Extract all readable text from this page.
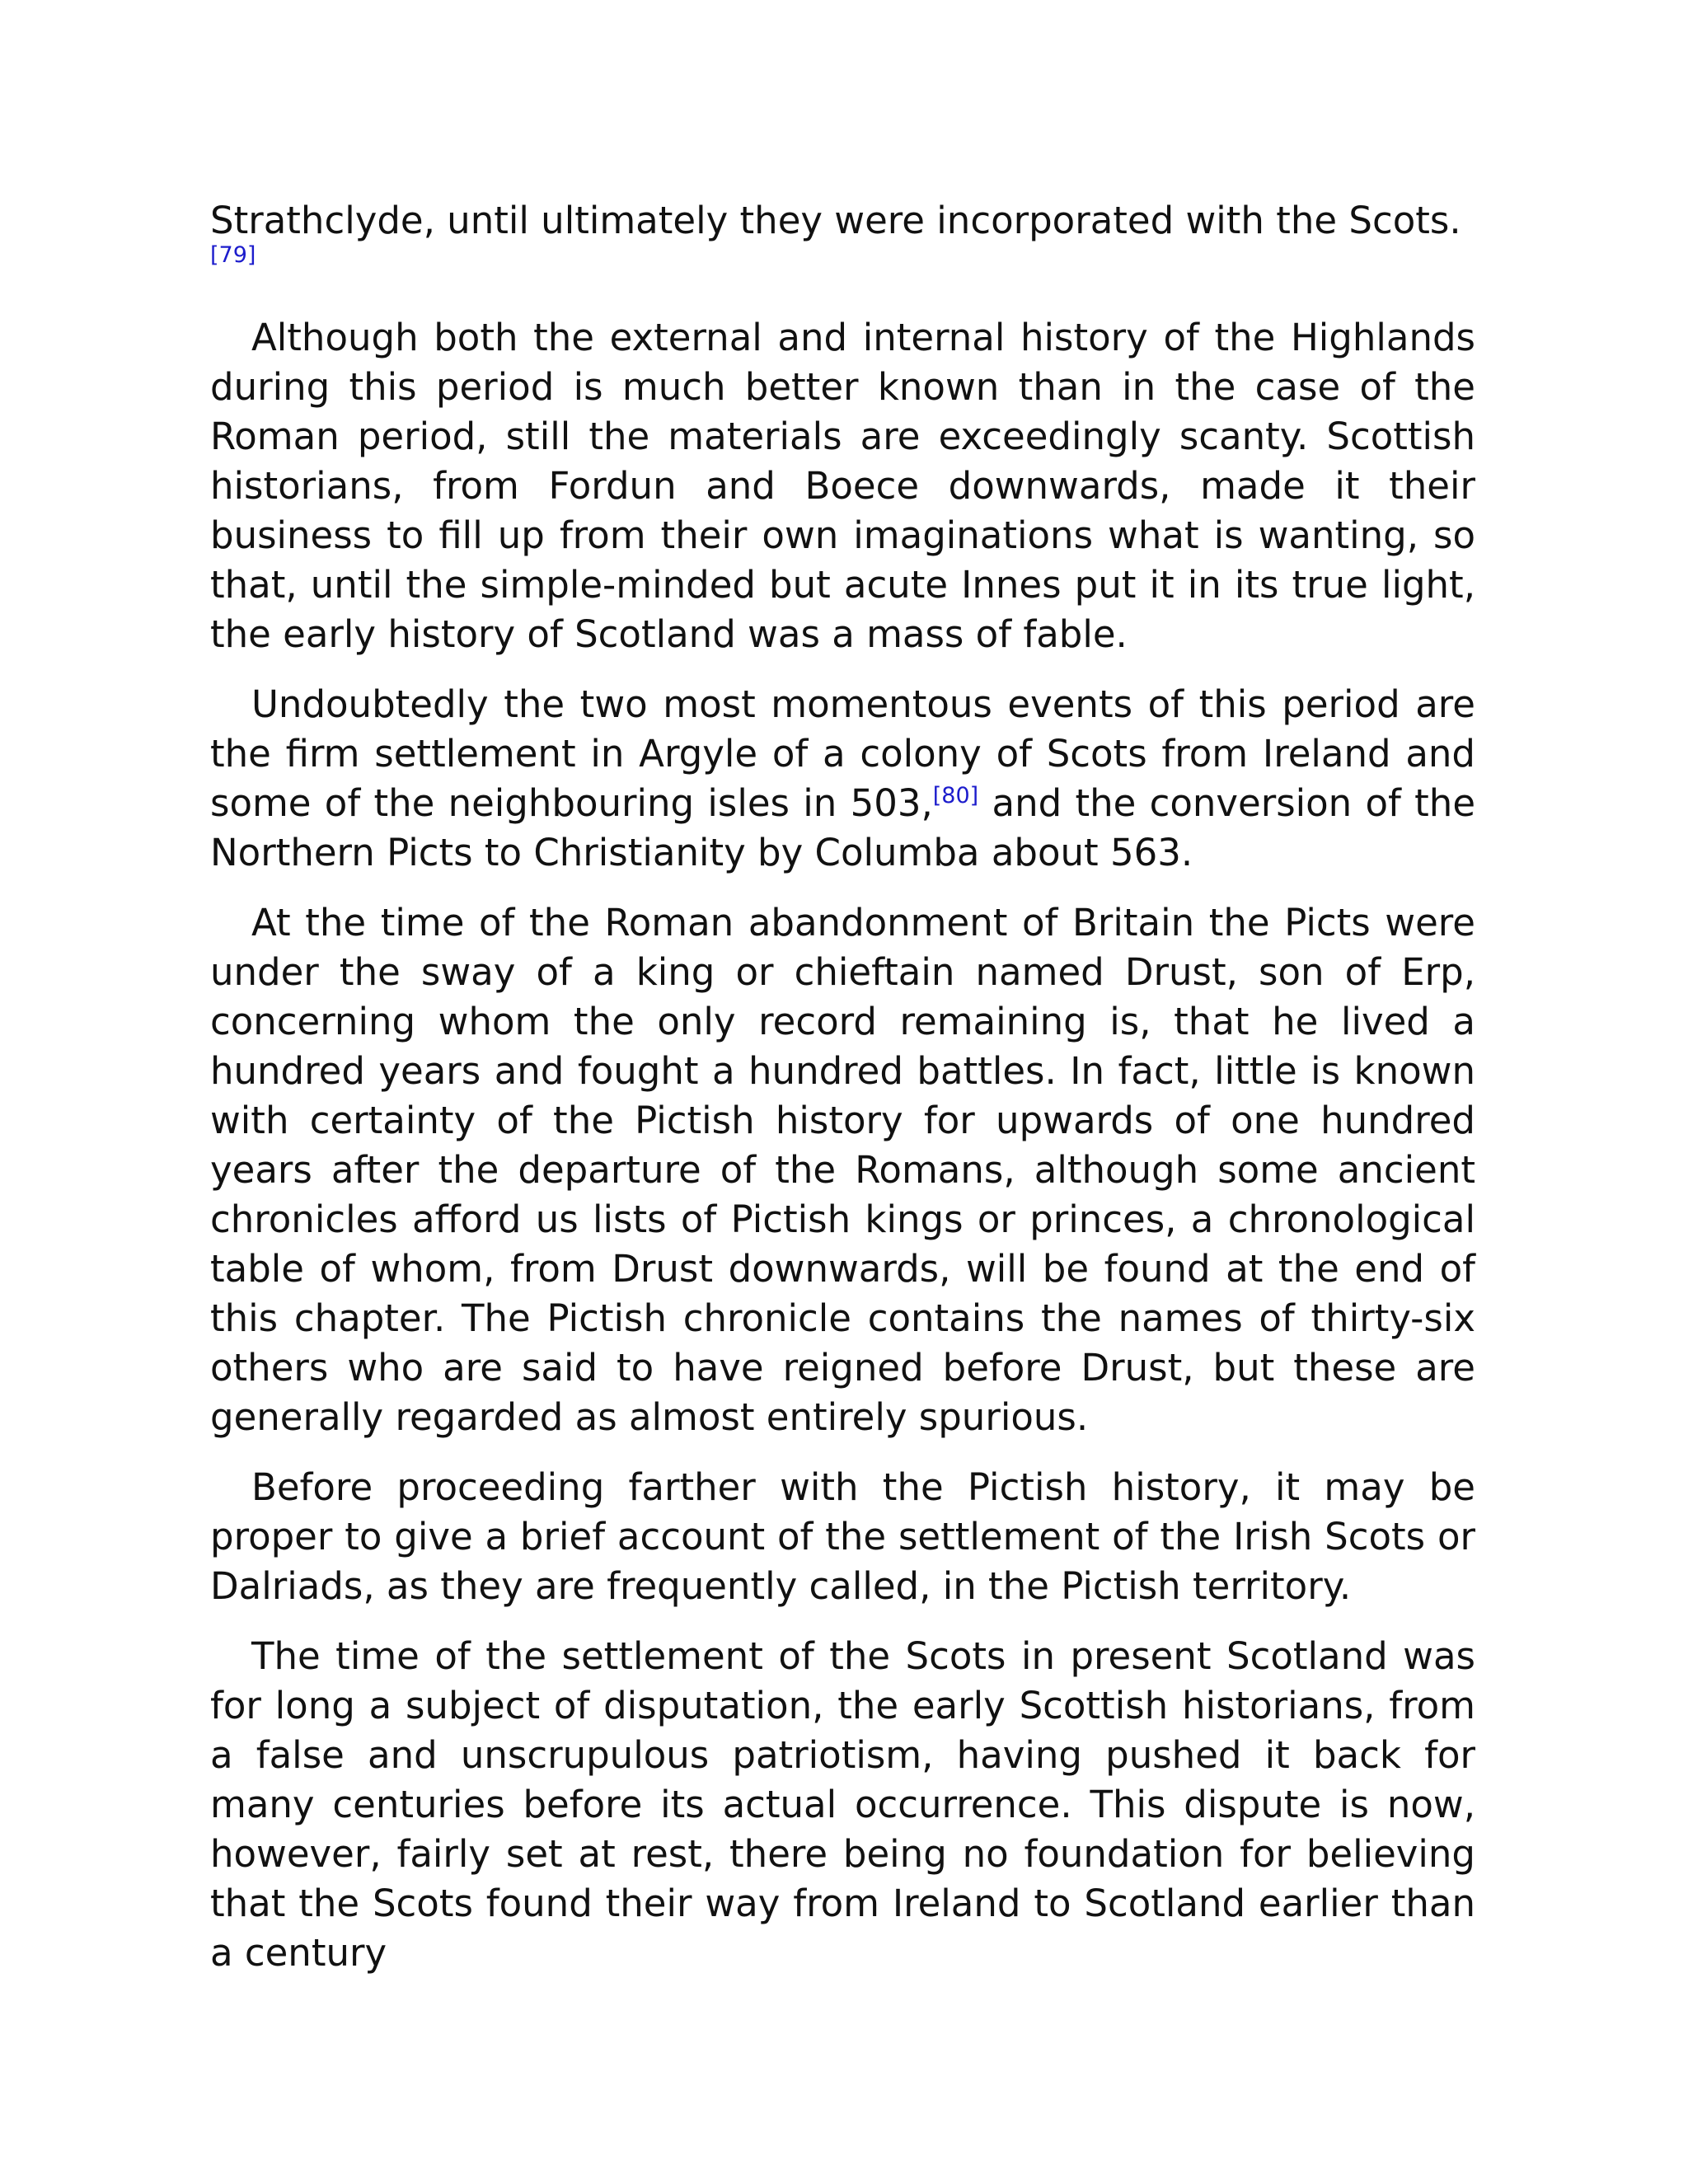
Strathclyde, until ultimately they were incorporated with the Scots.

[79]

Although both the external and internal history of the Highlands during this period is much better known than in the case of the Roman period, still the materials are exceedingly scanty. Scottish historians, from Fordun and Boece downwards, made it their business to fill up from their own imaginations what is wanting, so that, until the simple-minded but acute Innes put it in its true light, the early history of Scotland was a mass of fable.

Undoubtedly the two most momentous events of this period are the firm settlement in Argyle of a colony of Scots from Ireland and some of the neighbouring isles in 503,[80] and the conversion of the Northern Picts to Christianity by Columba about 563.

At the time of the Roman abandonment of Britain the Picts were under the sway of a king or chieftain named Drust, son of Erp, concerning whom the only record remaining is, that he lived a hundred years and fought a hundred battles. In fact, little is known with certainty of the Pictish history for upwards of one hundred years after the departure of the Romans, although some ancient chronicles afford us lists of Pictish kings or princes, a chronological table of whom, from Drust downwards, will be found at the end of this chapter. The Pictish chronicle contains the names of thirty-six others who are said to have reigned before Drust, but these are generally regarded as almost entirely spurious.

Before proceeding farther with the Pictish history, it may be proper to give a brief account of the settlement of the Irish Scots or Dalriads, as they are frequently called, in the Pictish territory.

The time of the settlement of the Scots in present Scotland was for long a subject of disputation, the early Scottish historians, from a false and unscrupulous patriotism, having pushed it back for many centuries before its actual occurrence. This dispute is now, however, fairly set at rest, there being no foundation for believing that the Scots found their way from Ireland to Scotland earlier than a century
